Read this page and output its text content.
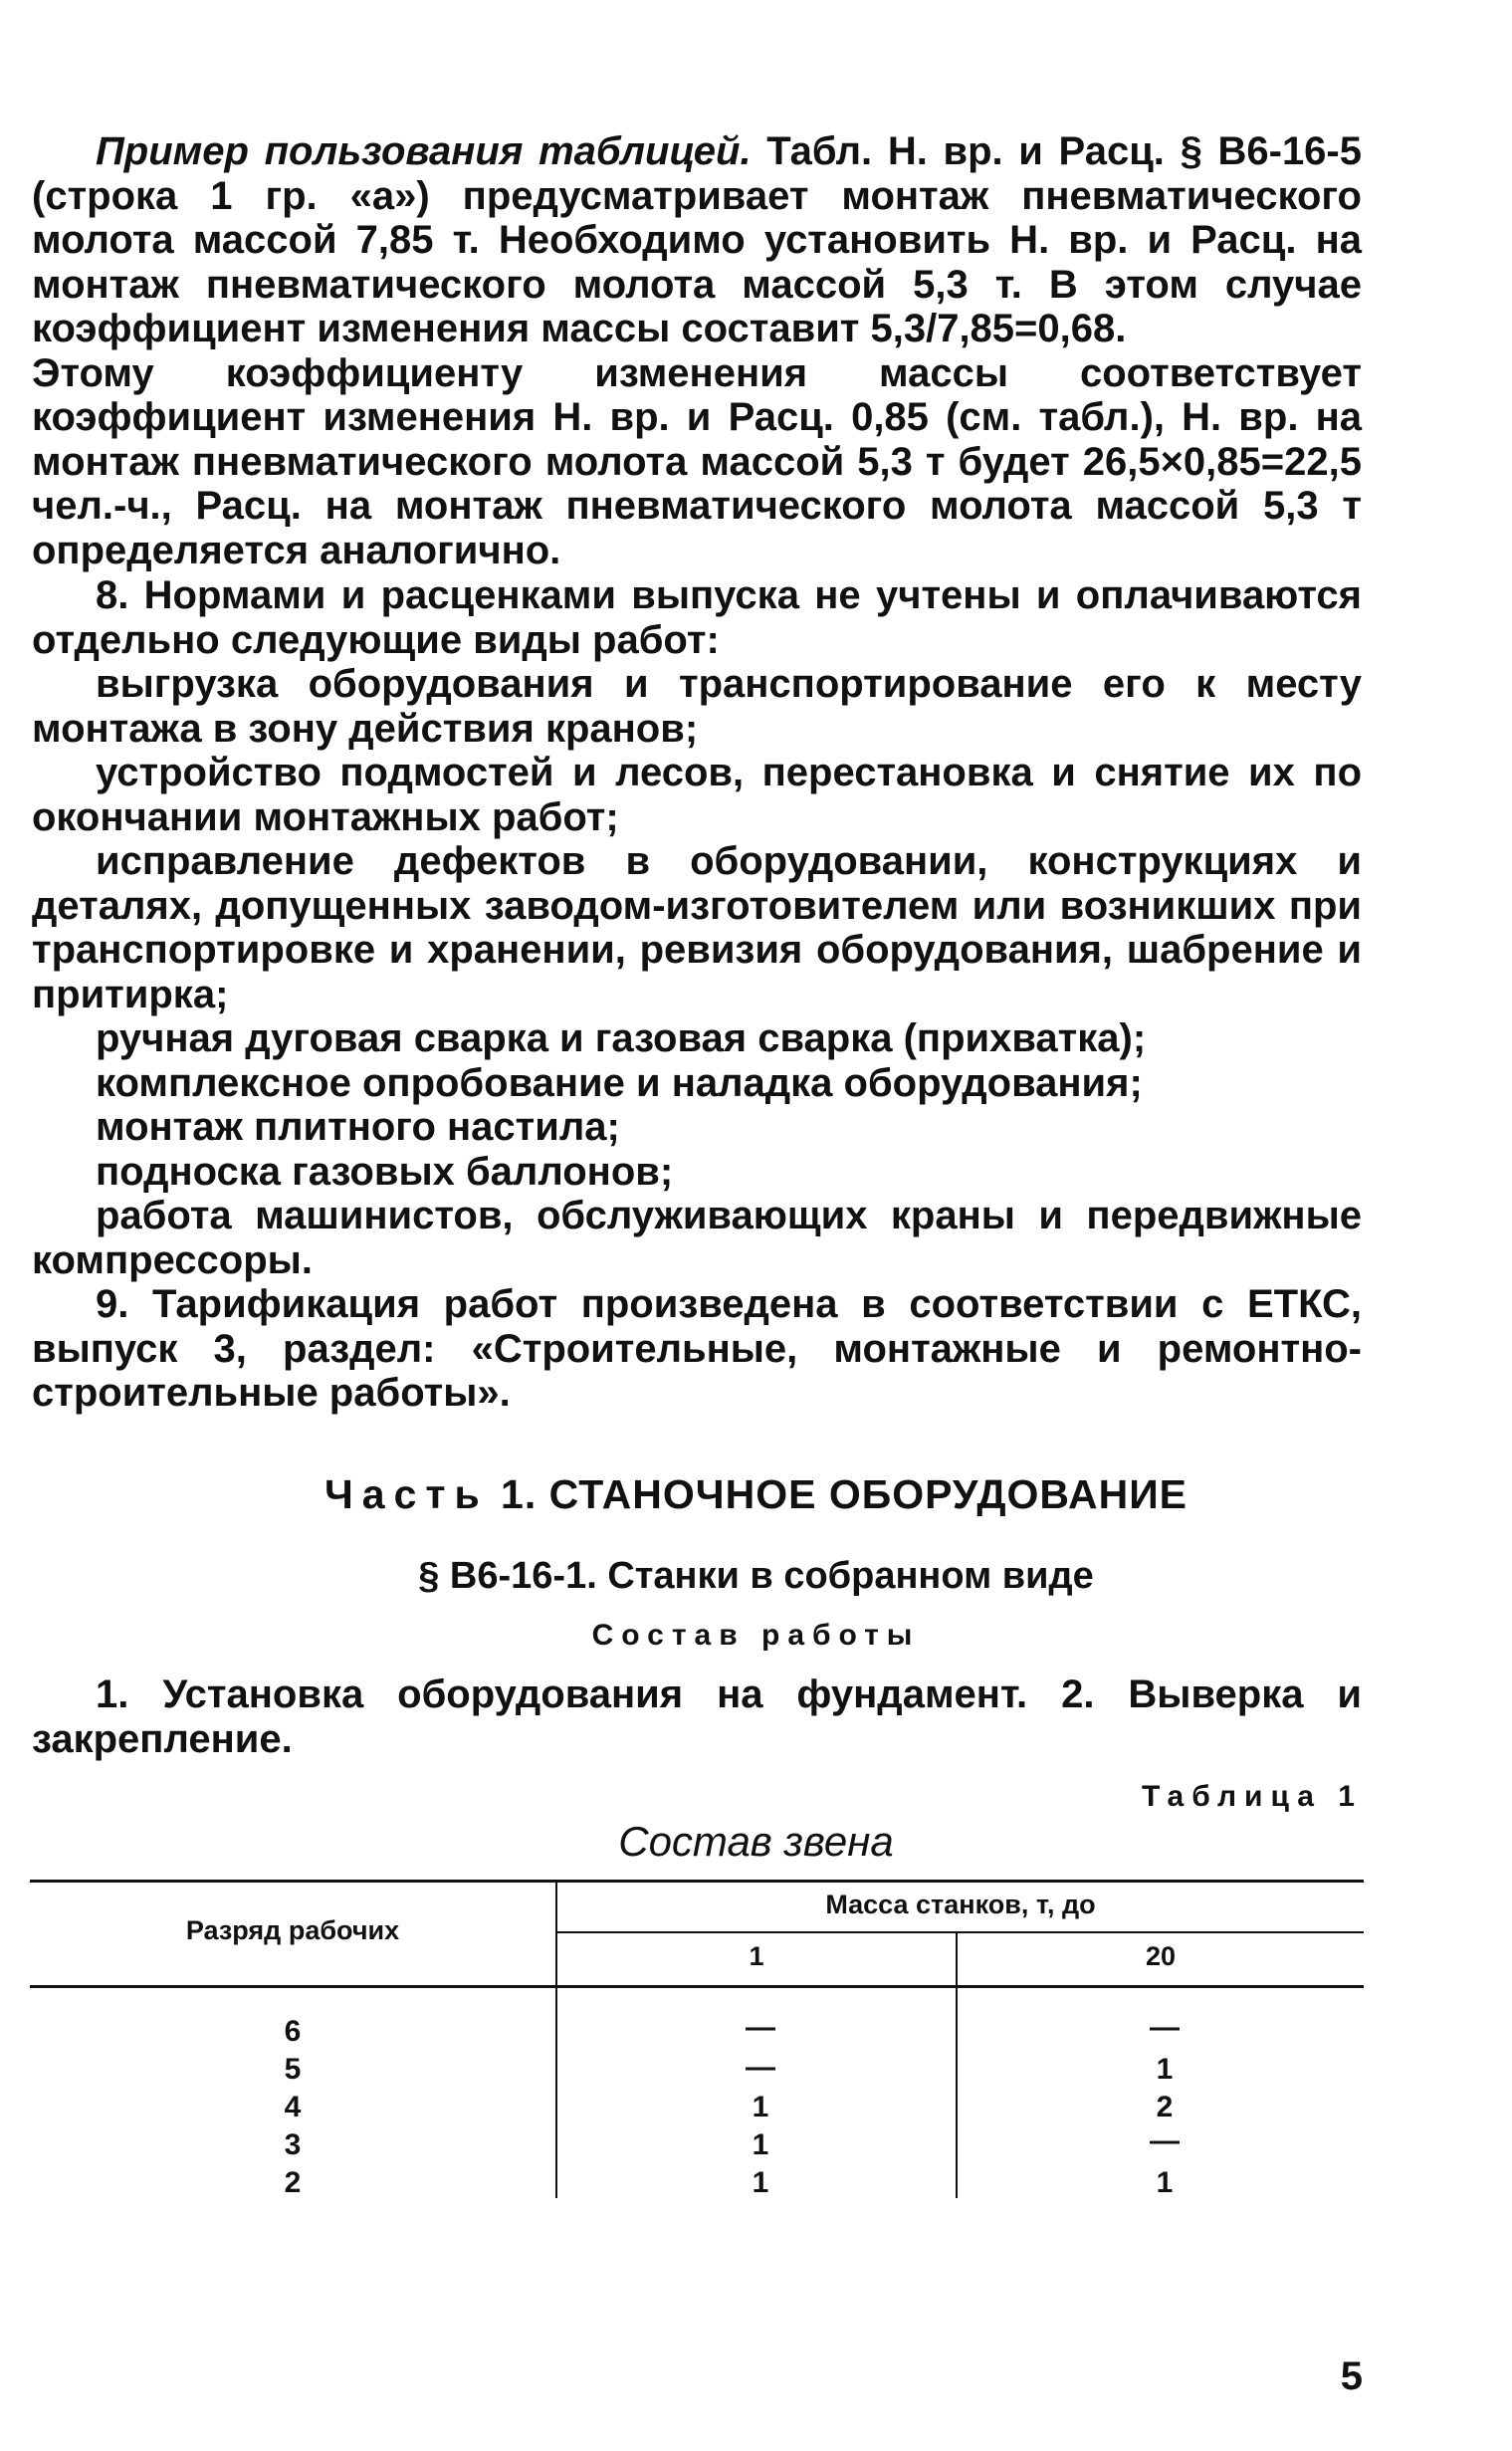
Пример пользования таблицей. Табл. Н. вр. и Расц. § В6-16-5 (строка 1 гр. «а») предусматривает монтаж пневматического молота массой 7,85 т. Необходимо установить Н. вр. и Расц. на монтаж пневматического молота массой 5,3 т. В этом случае коэффициент изменения массы составит 5,3/7,85=0,68.

Этому коэффициенту изменения массы соответствует коэффициент изменения Н. вр. и Расц. 0,85 (см. табл.), Н. вр. на монтаж пневматического молота массой 5,3 т будет 26,5×0,85=22,5 чел.-ч., Расц. на монтаж пневматического молота массой 5,3 т определяется аналогично.

8. Нормами и расценками выпуска не учтены и оплачиваются отдельно следующие виды работ:

выгрузка оборудования и транспортирование его к месту монтажа в зону действия кранов;

устройство подмостей и лесов, перестановка и снятие их по окончании монтажных работ;

исправление дефектов в оборудовании, конструкциях и деталях, допущенных заводом-изготовителем или возникших при транспортировке и хранении, ревизия оборудования, шабрение и притирка;

ручная дуговая сварка и газовая сварка (прихватка);

комплексное опробование и наладка оборудования;

монтаж плитного настила;

подноска газовых баллонов;

работа машинистов, обслуживающих краны и передвижные компрессоры.

9. Тарификация работ произведена в соответствии с ЕТКС, выпуск 3, раздел: «Строительные, монтажные и ремонтно-строительные работы».

Часть 1. СТАНОЧНОЕ ОБОРУДОВАНИЕ
§ В6-16-1. Станки в собранном виде
Состав работы

1. Установка оборудования на фундамент. 2. Выверка и закрепление.

Таблица 1
Состав звена
Разряд рабочих
Масса станков, т, до
1	20
6	—	—
5	—	1
4	1	2
3	1	—
2	1	1
5
